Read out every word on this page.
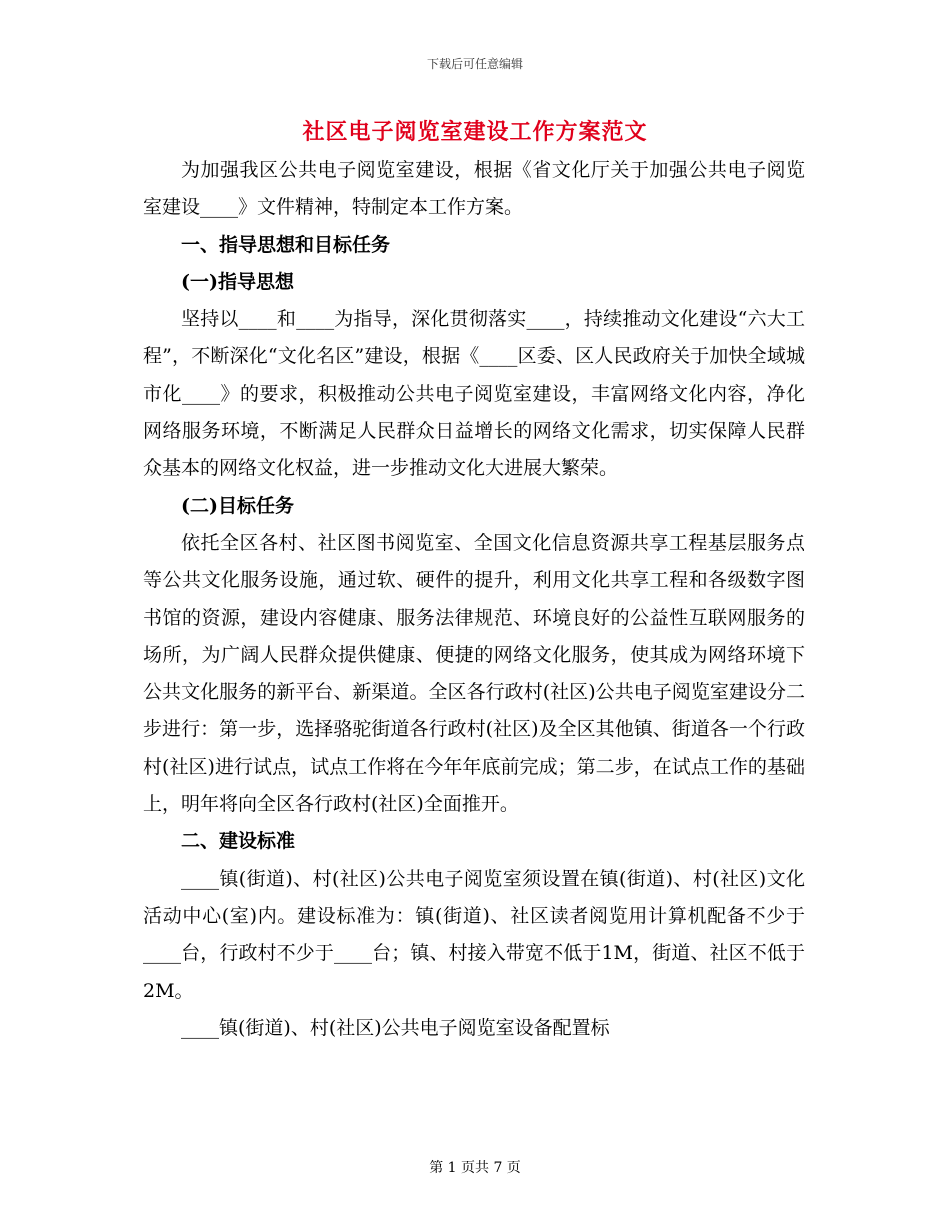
下载后可任意编辑
社区电子阅览室建设工作方案范文

为加强我区公共电子阅览室建设，根据《省文化厅关于加强公共电子阅览室建设____》文件精神，特制定本工作方案。

一、指导思想和目标任务

(一)指导思想

坚持以____和____为指导，深化贯彻落实____，持续推动文化建设“六大工程”，不断深化“文化名区”建设，根据《____区委、区人民政府关于加快全域城市化____》的要求，积极推动公共电子阅览室建设，丰富网络文化内容，净化网络服务环境，不断满足人民群众日益增长的网络文化需求，切实保障人民群众基本的网络文化权益，进一步推动文化大进展大繁荣。

(二)目标任务

依托全区各村、社区图书阅览室、全国文化信息资源共享工程基层服务点等公共文化服务设施，通过软、硬件的提升，利用文化共享工程和各级数字图书馆的资源，建设内容健康、服务法律规范、环境良好的公益性互联网服务的场所，为广阔人民群众提供健康、便捷的网络文化服务，使其成为网络环境下公共文化服务的新平台、新渠道。全区各行政村(社区)公共电子阅览室建设分二步进行：第一步，选择骆驼街道各行政村(社区)及全区其他镇、街道各一个行政村(社区)进行试点，试点工作将在今年年底前完成；第二步，在试点工作的基础上，明年将向全区各行政村(社区)全面推开。

二、建设标准

____镇(街道)、村(社区)公共电子阅览室须设置在镇(街道)、村(社区)文化活动中心(室)内。建设标准为：镇(街道)、社区读者阅览用计算机配备不少于____台，行政村不少于____台；镇、村接入带宽不低于1M，街道、社区不低于2M。

____镇(街道)、村(社区)公共电子阅览室设备配置标

第 1 页共 7 页
